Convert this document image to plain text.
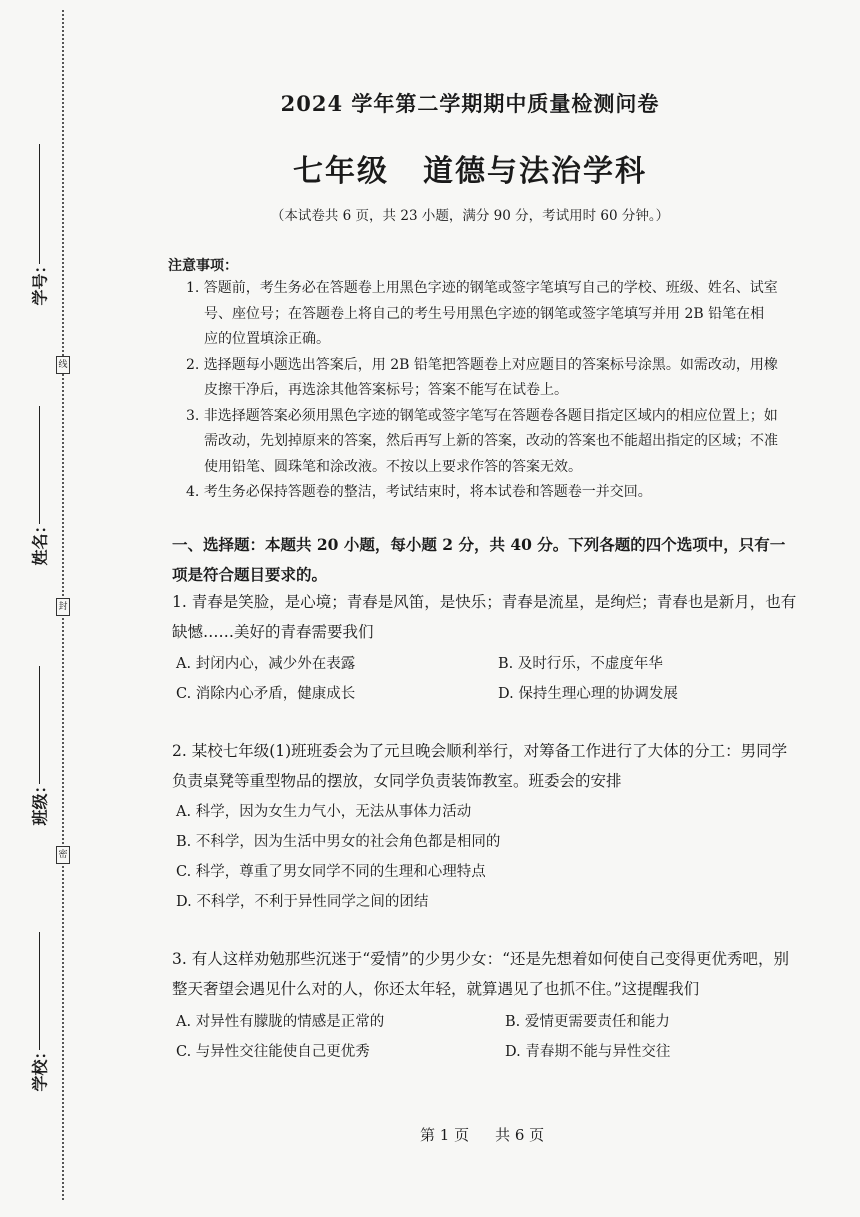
线
封
密
学号：
姓名：
班级：
学校：
2024 学年第二学期期中质量检测问卷
七年级 道德与法治学科
（本试卷共 6 页，共 23 小题，满分 90 分，考试用时 60 分钟。）
注意事项：
1. 答题前，考生务必在答题卷上用黑色字迹的钢笔或签字笔填写自己的学校、班级、姓名、试室号、座位号；在答题卷上将自己的考生号用黑色字迹的钢笔或签字笔填写并用 2B 铅笔在相应的位置填涂正确。
2. 选择题每小题选出答案后，用 2B 铅笔把答题卷上对应题目的答案标号涂黑。如需改动，用橡皮擦干净后，再选涂其他答案标号；答案不能写在试卷上。
3. 非选择题答案必须用黑色字迹的钢笔或签字笔写在答题卷各题目指定区域内的相应位置上；如需改动，先划掉原来的答案，然后再写上新的答案，改动的答案也不能超出指定的区域；不准使用铅笔、圆珠笔和涂改液。不按以上要求作答的答案无效。
4. 考生务必保持答题卷的整洁，考试结束时，将本试卷和答题卷一并交回。
一、选择题：本题共 20 小题，每小题 2 分，共 40 分。下列各题的四个选项中，只有一项是符合题目要求的。
1. 青春是笑脸，是心境；青春是风笛，是快乐；青春是流星，是绚烂；青春也是新月，也有缺憾……美好的青春需要我们
A. 封闭内心，减少外在表露	B. 及时行乐，不虚度年华
C. 消除内心矛盾，健康成长	D. 保持生理心理的协调发展
2. 某校七年级(1)班班委会为了元旦晚会顺利举行，对筹备工作进行了大体的分工：男同学负责桌凳等重型物品的摆放，女同学负责装饰教室。班委会的安排
A. 科学，因为女生力气小，无法从事体力活动
B. 不科学，因为生活中男女的社会角色都是相同的
C. 科学，尊重了男女同学不同的生理和心理特点
D. 不科学，不利于异性同学之间的团结
3. 有人这样劝勉那些沉迷于“爱情”的少男少女：“还是先想着如何使自己变得更优秀吧，别整天奢望会遇见什么对的人，你还太年轻，就算遇见了也抓不住。”这提醒我们
A. 对异性有朦胧的情感是正常的	B. 爱情更需要责任和能力
C. 与异性交往能使自己更优秀	D. 青春期不能与异性交往
第 1 页 共 6 页
